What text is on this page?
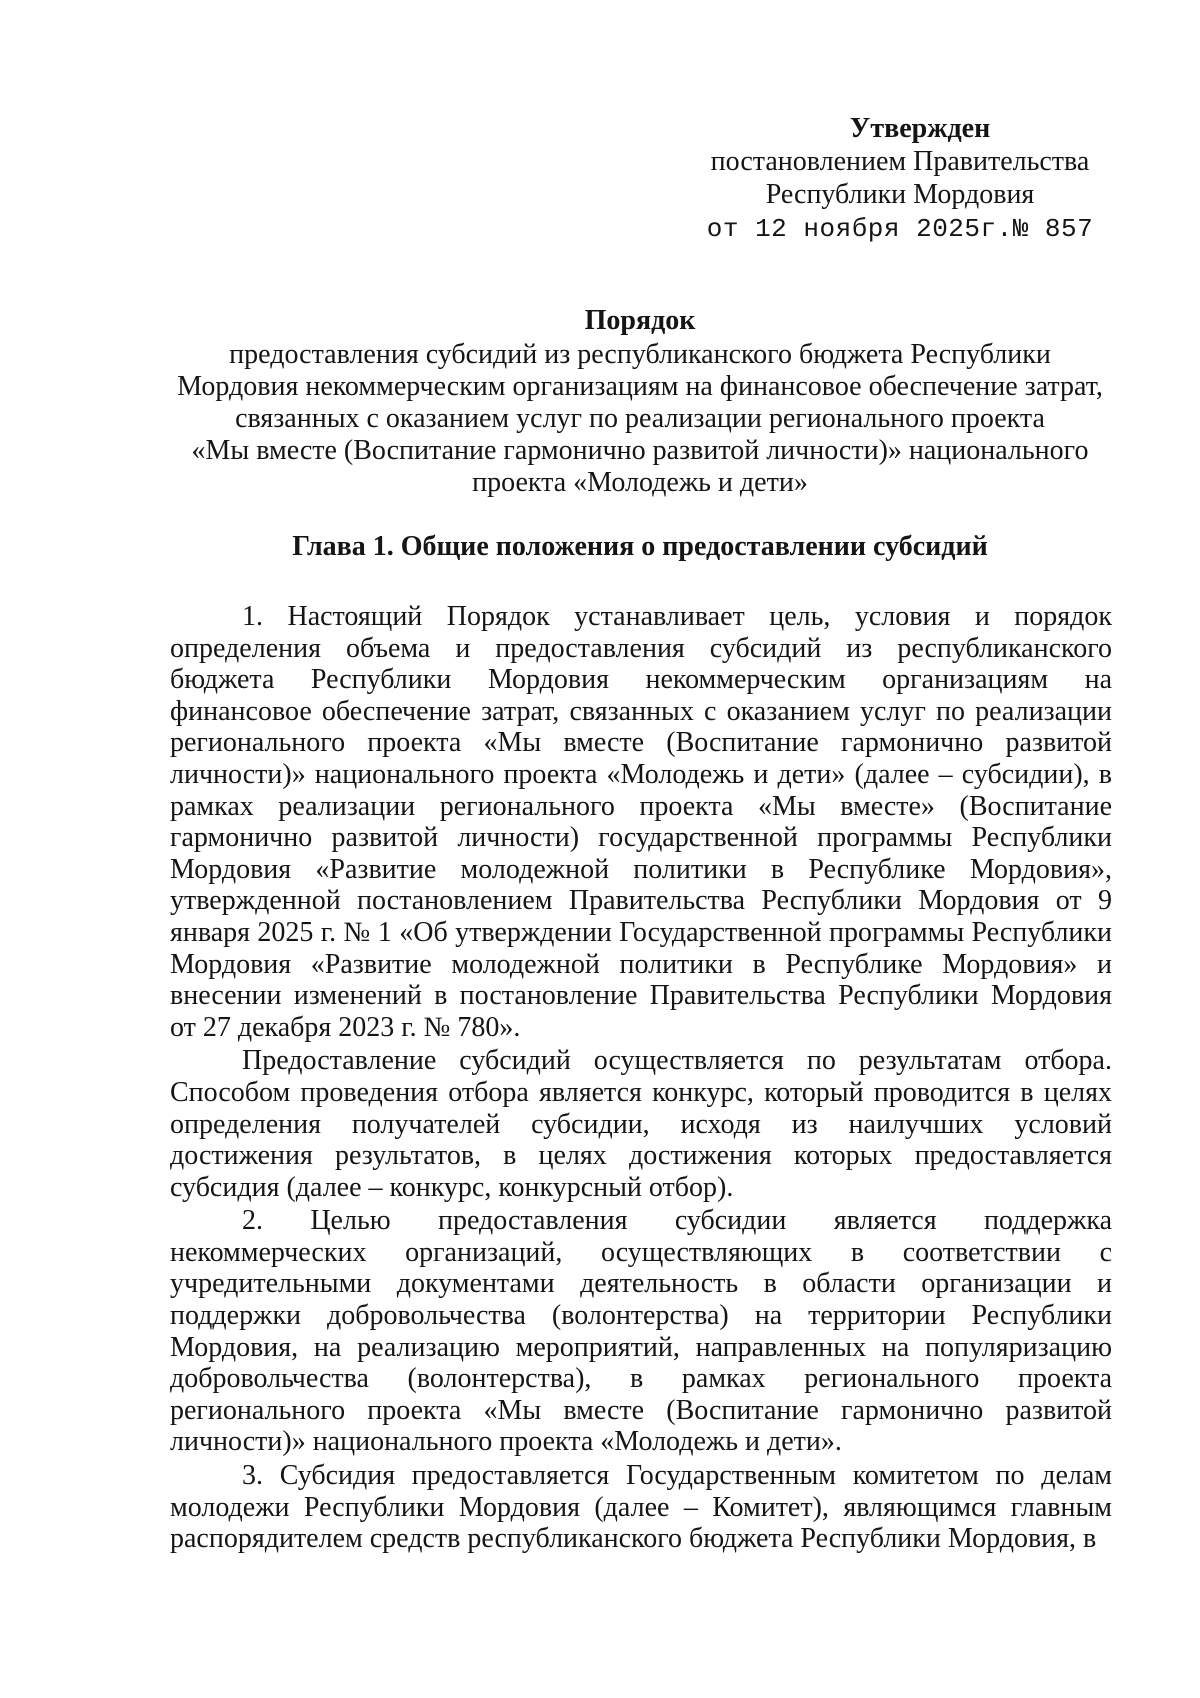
Утвержден
постановлением Правительства
Республики Мордовия
от 12 ноября 2025г.№ 857
Порядок
предоставления субсидий из республиканского бюджета Республики
Мордовия некоммерческим организациям на финансовое обеспечение затрат,
связанных с оказанием услуг по реализации регионального проекта
«Мы вместе (Воспитание гармонично развитой личности)» национального
проекта «Молодежь и дети»
Глава 1. Общие положения о предоставлении субсидий

1. Настоящий Порядок устанавливает цель, условия и порядок определения объема и предоставления субсидий из республиканского бюджета Республики Мордовия некоммерческим организациям на финансовое обеспечение затрат, связанных с оказанием услуг по реализации регионального проекта «Мы вместе (Воспитание гармонично развитой личности)» национального проекта «Молодежь и дети» (далее – субсидии), в рамках реализации регионального проекта «Мы вместе» (Воспитание гармонично развитой личности) государственной программы Республики Мордовия «Развитие молодежной политики в Республике Мордовия», утвержденной постановлением Правительства Республики Мордовия от 9 января 2025 г. № 1 «Об утверждении Государственной программы Республики Мордовия «Развитие молодежной политики в Республике Мордовия» и внесении изменений в постановление Правительства Республики Мордовия от 27 декабря 2023 г. № 780».

Предоставление субсидий осуществляется по результатам отбора. Способом проведения отбора является конкурс, который проводится в целях определения получателей субсидии, исходя из наилучших условий достижения результатов, в целях достижения которых предоставляется субсидия (далее – конкурс, конкурсный отбор).

2. Целью предоставления субсидии является поддержка некоммерческих организаций, осуществляющих в соответствии с учредительными документами деятельность в области организации и поддержки добровольчества (волонтерства) на территории Республики Мордовия, на реализацию мероприятий, направленных на популяризацию добровольчества (волонтерства), в рамках регионального проекта регионального проекта «Мы вместе (Воспитание гармонично развитой личности)» национального проекта «Молодежь и дети».

3. Субсидия предоставляется Государственным комитетом по делам молодежи Республики Мордовия (далее – Комитет), являющимся главным распорядителем средств республиканского бюджета Республики Мордовия, в
